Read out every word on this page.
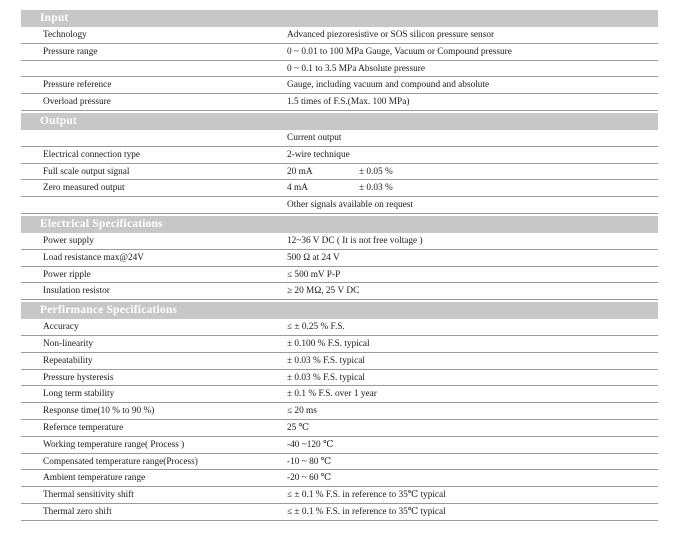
Input
Technology	Advanced piezoresistive or SOS silicon pressure sensor
Pressure range	0 ~ 0.01 to 100 MPa Gauge, Vacuum or Compound pressure
0 ~ 0.1 to 3.5 MPa Absolute pressure
Pressure reference	Gauge, including vacuum and compound and absolute
Overload pressure	1.5 times of F.S.(Max. 100 MPa)
Output
Current output
Electrical connection type	2-wire technique
Full scale output signal	20 mA	± 0.05 %
Zero measured output	4 mA	± 0.03 %
Other signals available on request
Electrical Specifications
Power supply	12~36 V DC ( It is not free voltage )
Load resistance max@24V	500 Ω at 24 V
Power ripple	≤ 500 mV P-P
Insulation resistor	≥ 20 MΩ, 25 V DC
Perfirmance Specifications
Accuracy	≤ ± 0.25 % F.S.
Non-linearity	± 0.100 % F.S. typical
Repeatability	± 0.03 % F.S. typical
Pressure hysteresis	± 0.03 % F.S. typical
Long term stability	± 0.1 % F.S. over 1 year
Response time(10 % to 90 %)	≤ 20 ms
Refernce temperature	25 ℃
Working temperature range( Process )	-40 ~120 ℃
Compensated temperature range(Process)	-10 ~ 80 ℃
Ambient temperature range	-20 ~ 60 ℃
Thermal sensitivity shift	≤ ± 0.1 % F.S. in reference to 35℃ typical
Thermal zero shift	≤ ± 0.1 % F.S. in reference to 35℃ typical
